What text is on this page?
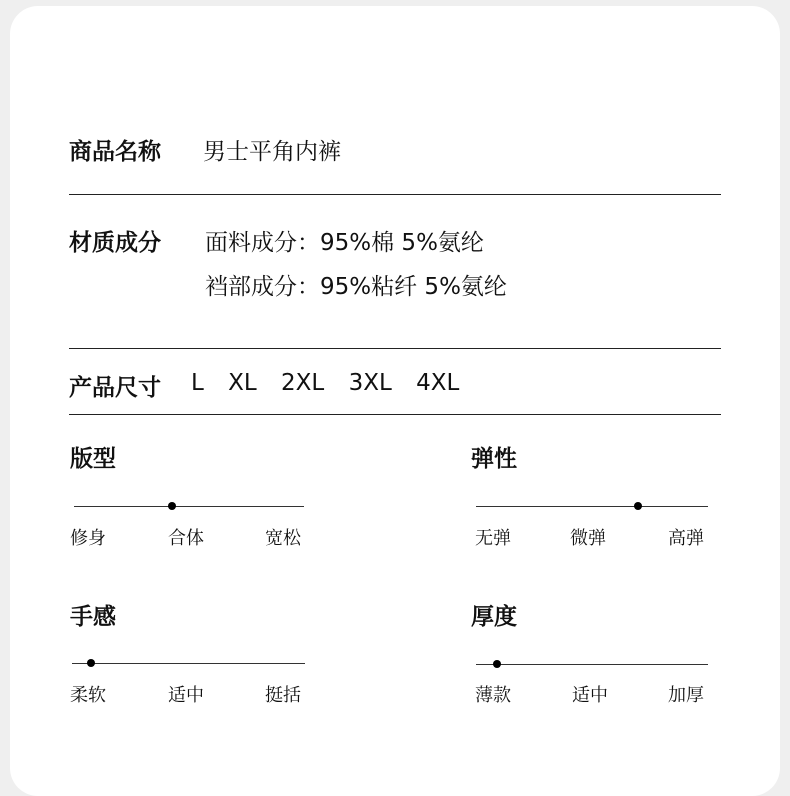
商品名称 男士平角内裤
材质成分 面料成分：95%棉 5%氨纶
裆部成分：95%粘纤 5%氨纶
产品尺寸 L XL 2XL 3XL 4XL
版型
修身	合体	宽松
弹性
无弹	微弹	高弹
手感
柔软	适中	挺括
厚度
薄款	适中	加厚
